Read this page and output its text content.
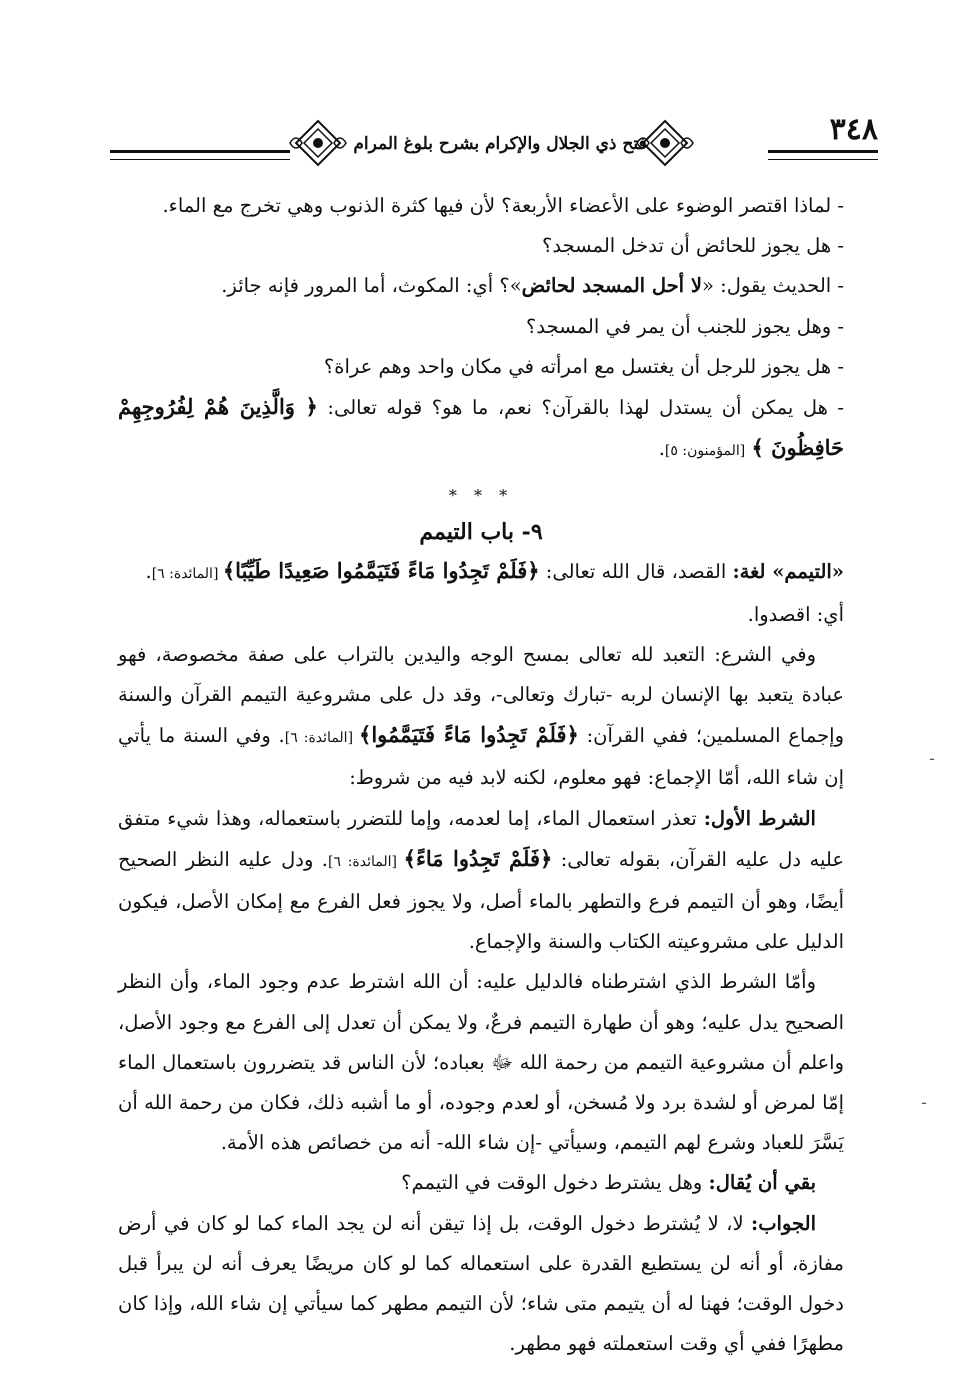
٣٤٨
فتح ذي الجلال والإكرام بشرح بلوغ المرام

- لماذا اقتصر الوضوء على الأعضاء الأربعة؟ لأن فيها كثرة الذنوب وهي تخرج مع الماء.

- هل يجوز للحائض أن تدخل المسجد؟

- الحديث يقول: «لا أحل المسجد لحائض»؟ أي: المكوث، أما المرور فإنه جائز.

- وهل يجوز للجنب أن يمر في المسجد؟

- هل يجوز للرجل أن يغتسل مع امرأته في مكان واحد وهم عراة؟

- هل يمكن أن يستدل لهذا بالقرآن؟ نعم، ما هو؟ قوله تعالى: ﴿ وَالَّذِينَ هُمْ لِفُرُوجِهِمْ حَافِظُونَ ﴾ [المؤمنون: ٥].

* * *

٩- باب التيمم

«التيمم» لغة: القصد، قال الله تعالى: ﴿فَلَمْ تَجِدُوا مَاءً فَتَيَمَّمُوا صَعِيدًا طَيِّبًا﴾ [المائدة: ٦]. أي: اقصدوا.

وفي الشرع: التعبد لله تعالى بمسح الوجه واليدين بالتراب على صفة مخصوصة، فهو عبادة يتعبد بها الإنسان لربه -تبارك وتعالى-، وقد دل على مشروعية التيمم القرآن والسنة وإجماع المسلمين؛ ففي القرآن: ﴿فَلَمْ تَجِدُوا مَاءً فَتَيَمَّمُوا﴾ [المائدة: ٦]. وفي السنة ما يأتي إن شاء الله، أمّا الإجماع: فهو معلوم، لكنه لابد فيه من شروط:

الشرط الأول: تعذر استعمال الماء، إما لعدمه، وإما للتضرر باستعماله، وهذا شيء متفق عليه دل عليه القرآن، بقوله تعالى: ﴿فَلَمْ تَجِدُوا مَاءً﴾ [المائدة: ٦]. ودل عليه النظر الصحيح أيضًا، وهو أن التيمم فرع والتطهر بالماء أصل، ولا يجوز فعل الفرع مع إمكان الأصل، فيكون الدليل على مشروعيته الكتاب والسنة والإجماع.

وأمّا الشرط الذي اشترطناه فالدليل عليه: أن الله اشترط عدم وجود الماء، وأن النظر الصحيح يدل عليه؛ وهو أن طهارة التيمم فرعٌ، ولا يمكن أن تعدل إلى الفرع مع وجود الأصل، واعلم أن مشروعية التيمم من رحمة الله ﷻ بعباده؛ لأن الناس قد يتضررون باستعمال الماء إمّا لمرض أو لشدة برد ولا مُسخن، أو لعدم وجوده، أو ما أشبه ذلك، فكان من رحمة الله أن يَسَّرَ للعباد وشرع لهم التيمم، وسيأتي -إن شاء الله- أنه من خصائص هذه الأمة.

بقي أن يُقال: وهل يشترط دخول الوقت في التيمم؟

الجواب: لا، لا يُشترط دخول الوقت، بل إذا تيقن أنه لن يجد الماء كما لو كان في أرض مفازة، أو أنه لن يستطيع القدرة على استعماله كما لو كان مريضًا يعرف أنه لن يبرأ قبل دخول الوقت؛ فهنا له أن يتيمم متى شاء؛ لأن التيمم مطهر كما سيأتي إن شاء الله، وإذا كان مطهرًا ففي أي وقت استعملته فهو مطهر.

ـ
ـ
